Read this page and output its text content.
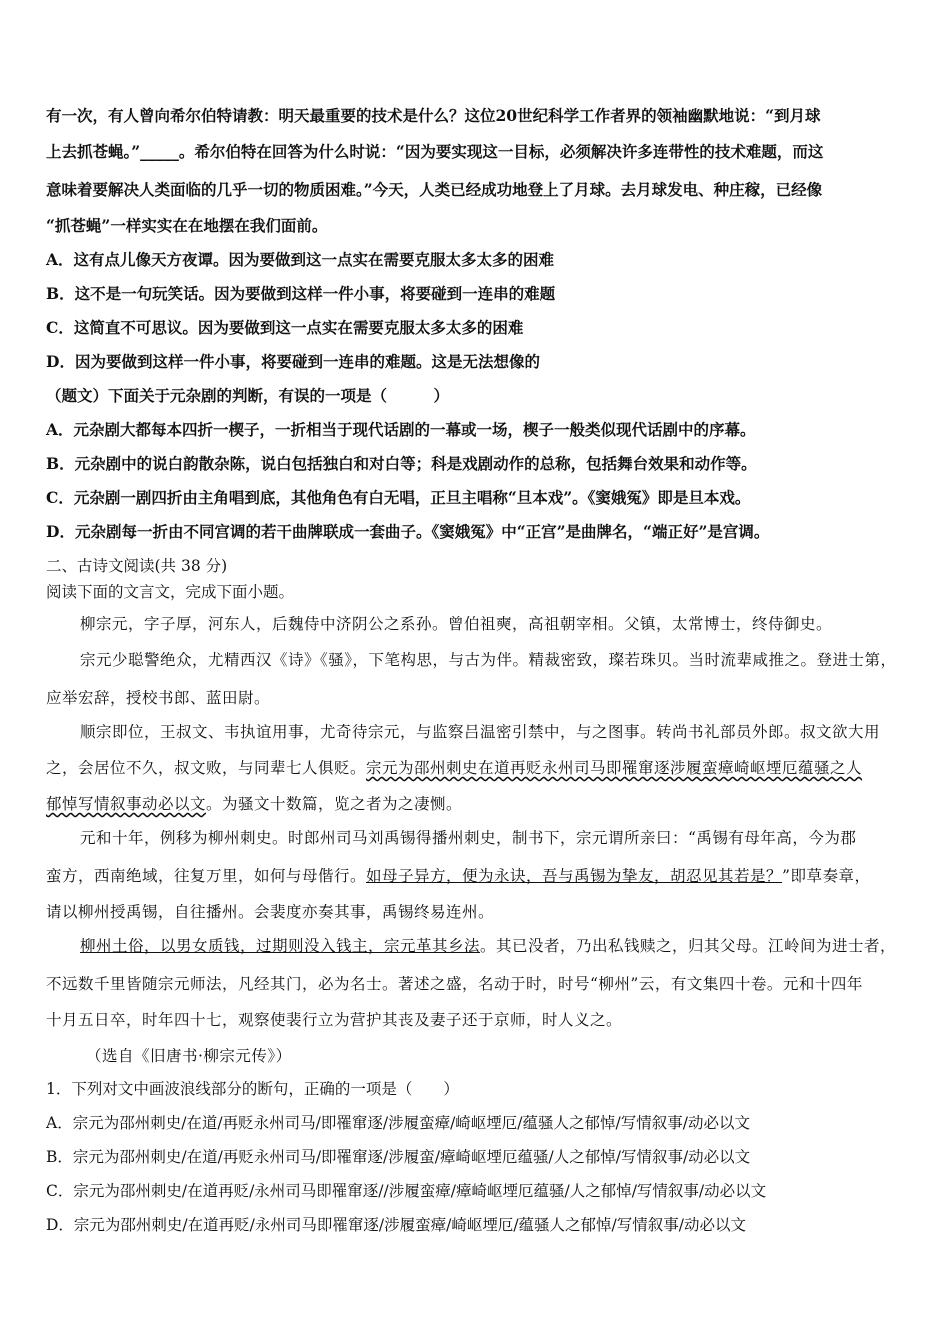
有一次，有人曾向希尔伯特请教：明天最重要的技术是什么？这位20世纪科学工作者界的领袖幽默地说：“到月球
上去抓苍蝇。”_____。希尔伯特在回答为什么时说：“因为要实现这一目标，必须解决许多连带性的技术难题，而这
意味着要解决人类面临的几乎一切的物质困难。”今天，人类已经成功地登上了月球。去月球发电、种庄稼，已经像
“抓苍蝇”一样实实在在地摆在我们面前。
A．这有点儿像天方夜谭。因为要做到这一点实在需要克服太多太多的困难
B．这不是一句玩笑话。因为要做到这样一件小事，将要碰到一连串的难题
C．这简直不可思议。因为要做到这一点实在需要克服太多太多的困难
D．因为要做到这样一件小事，将要碰到一连串的难题。这是无法想像的
（题文）下面关于元杂剧的判断，有误的一项是（　　　）
A．元杂剧大都每本四折一楔子，一折相当于现代话剧的一幕或一场，楔子一般类似现代话剧中的序幕。
B．元杂剧中的说白韵散杂陈，说白包括独白和对白等；科是戏剧动作的总称，包括舞台效果和动作等。
C．元杂剧一剧四折由主角唱到底，其他角色有白无唱，正旦主唱称“旦本戏”。《窦娥冤》即是旦本戏。
D．元杂剧每一折由不同宫调的若干曲牌联成一套曲子。《窦娥冤》中“正宫”是曲牌名，“端正好”是宫调。
二、古诗文阅读(共 38 分)
阅读下面的文言文，完成下面小题。
柳宗元，字子厚，河东人，后魏侍中济阴公之系孙。曾伯祖奭，高祖朝宰相。父镇，太常博士，终侍御史。
宗元少聪警绝众，尤精西汉《诗》《骚》，下笔构思，与古为伴。精裁密致，璨若珠贝。当时流辈咸推之。登进士第，
应举宏辞，授校书郎、蓝田尉。
顺宗即位，王叔文、韦执谊用事，尤奇待宗元，与监察吕温密引禁中，与之图事。转尚书礼部员外郎。叔文欲大用
之，会居位不久，叔文败，与同辈七人俱贬。宗元为邵州刺史在道再贬永州司马即罹窜逐涉履蛮瘴崎岖堙厄蕴骚之人
郁悼写情叙事动必以文。为骚文十数篇，览之者为之凄恻。
元和十年，例移为柳州刺史。时郎州司马刘禹锡得播州刺史，制书下，宗元谓所亲曰：“禹锡有母年高，今为郡
蛮方，西南绝域，往复万里，如何与母偕行。如母子异方，便为永诀，吾与禹锡为挚友，胡忍见其若是？”即草奏章，
请以柳州授禹锡，自往播州。会裴度亦奏其事，禹锡终易连州。
柳州土俗，以男女质钱，过期则没入钱主，宗元革其乡法。其已没者，乃出私钱赎之，归其父母。江岭间为进士者，
不远数千里皆随宗元师法，凡经其门，必为名士。著述之盛，名动于时，时号“柳州”云，有文集四十卷。元和十四年
十月五日卒，时年四十七，观察使裴行立为营护其丧及妻子还于京师，时人义之。
（选自《旧唐书·柳宗元传》）
1．下列对文中画波浪线部分的断句，正确的一项是（　　）
A．宗元为邵州刺史/在道/再贬永州司马/即罹窜逐/涉履蛮瘴/崎岖堙厄/蕴骚人之郁悼/写情叙事/动必以文
B．宗元为邵州刺史/在道/再贬永州司马/即罹窜逐/涉履蛮/瘴崎岖堙厄蕴骚/人之郁悼/写情叙事/动必以文
C．宗元为邵州刺史/在道再贬/永州司马即罹窜逐//涉履蛮瘴/瘴崎岖堙厄蕴骚/人之郁悼/写情叙事/动必以文
D．宗元为邵州刺史/在道再贬/永州司马即罹窜逐/涉履蛮瘴/崎岖堙厄/蕴骚人之郁悼/写情叙事/动必以文
